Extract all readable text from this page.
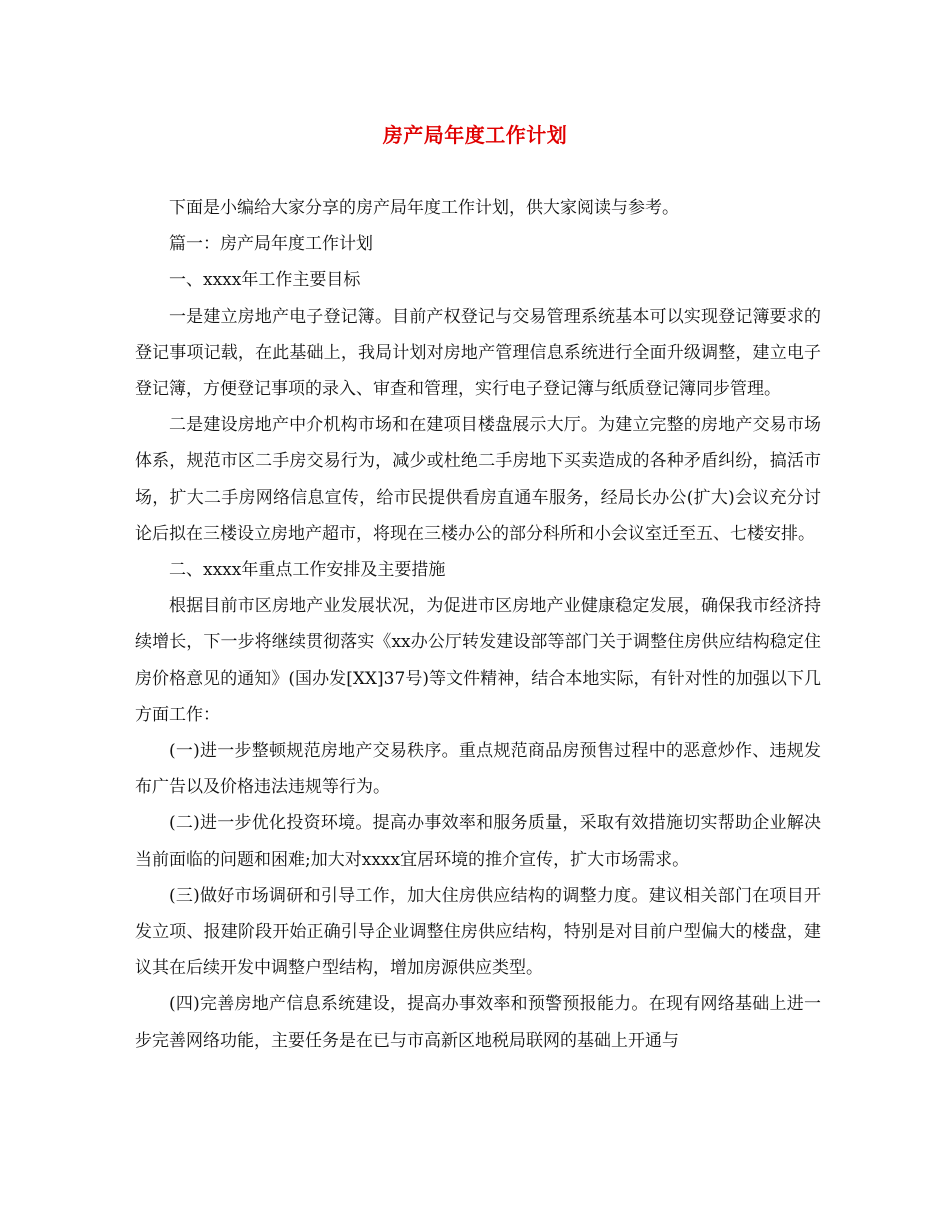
房产局年度工作计划

下面是小编给大家分享的房产局年度工作计划，供大家阅读与参考。

篇一：房产局年度工作计划

一、xxxx年工作主要目标

一是建立房地产电子登记簿。目前产权登记与交易管理系统基本可以实现登记簿要求的登记事项记载，在此基础上，我局计划对房地产管理信息系统进行全面升级调整，建立电子登记簿，方便登记事项的录入、审查和管理，实行电子登记簿与纸质登记簿同步管理。

二是建设房地产中介机构市场和在建项目楼盘展示大厅。为建立完整的房地产交易市场体系，规范市区二手房交易行为，减少或杜绝二手房地下买卖造成的各种矛盾纠纷，搞活市场，扩大二手房网络信息宣传，给市民提供看房直通车服务，经局长办公(扩大)会议充分讨论后拟在三楼设立房地产超市，将现在三楼办公的部分科所和小会议室迁至五、七楼安排。

二、xxxx年重点工作安排及主要措施

根据目前市区房地产业发展状况，为促进市区房地产业健康稳定发展，确保我市经济持续增长，下一步将继续贯彻落实《xx办公厅转发建设部等部门关于调整住房供应结构稳定住房价格意见的通知》(国办发[XX]37号)等文件精神，结合本地实际，有针对性的加强以下几方面工作：

(一)进一步整顿规范房地产交易秩序。重点规范商品房预售过程中的恶意炒作、违规发布广告以及价格违法违规等行为。

(二)进一步优化投资环境。提高办事效率和服务质量，采取有效措施切实帮助企业解决当前面临的问题和困难;加大对xxxx宜居环境的推介宣传，扩大市场需求。

(三)做好市场调研和引导工作，加大住房供应结构的调整力度。建议相关部门在项目开发立项、报建阶段开始正确引导企业调整住房供应结构，特别是对目前户型偏大的楼盘，建议其在后续开发中调整户型结构，增加房源供应类型。

(四)完善房地产信息系统建设，提高办事效率和预警预报能力。在现有网络基础上进一步完善网络功能，主要任务是在已与市高新区地税局联网的基础上开通与
